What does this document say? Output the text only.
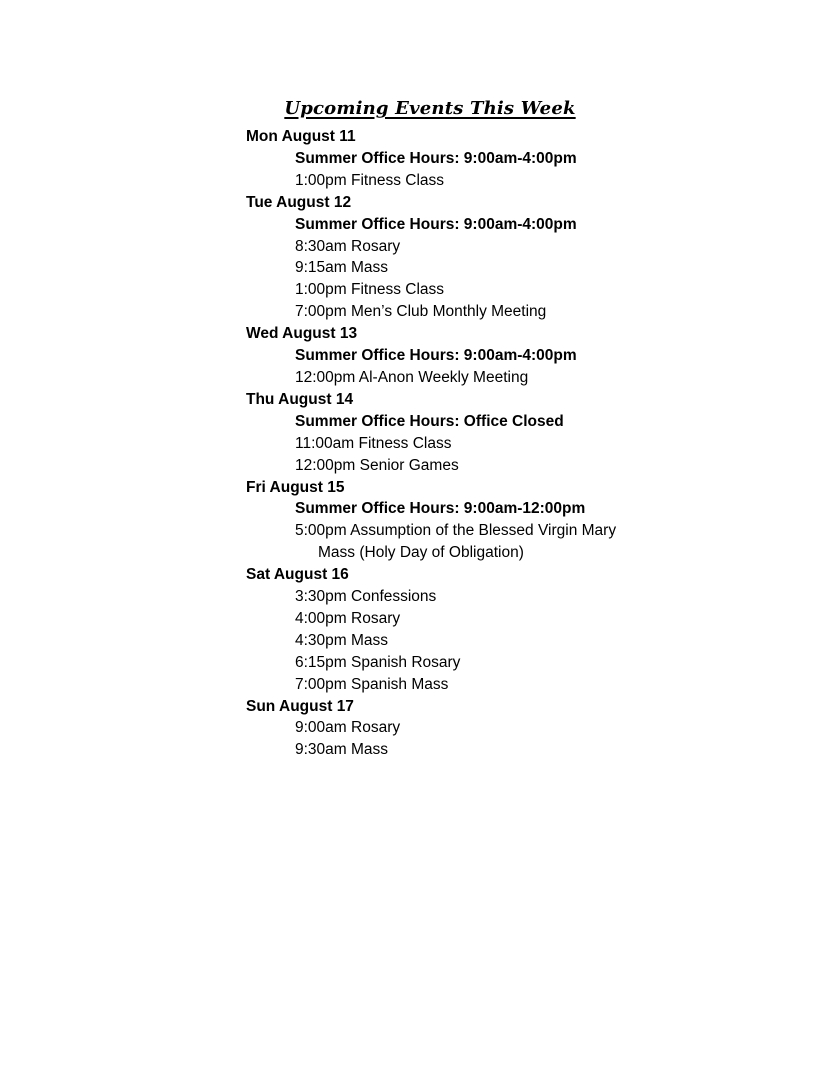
Upcoming Events This Week
Mon August 11
Summer Office Hours: 9:00am-4:00pm
1:00pm Fitness Class
Tue August 12
Summer Office Hours: 9:00am-4:00pm
8:30am Rosary
9:15am Mass
1:00pm Fitness Class
7:00pm Men’s Club Monthly Meeting
Wed August 13
Summer Office Hours: 9:00am-4:00pm
12:00pm Al-Anon Weekly Meeting
Thu August 14
Summer Office Hours: Office Closed
11:00am Fitness Class
12:00pm Senior Games
Fri August 15
Summer Office Hours: 9:00am-12:00pm
5:00pm Assumption of the Blessed Virgin Mary
Mass (Holy Day of Obligation)
Sat August 16
3:30pm Confessions
4:00pm Rosary
4:30pm Mass
6:15pm Spanish Rosary
7:00pm Spanish Mass
Sun August 17
9:00am Rosary
9:30am Mass
